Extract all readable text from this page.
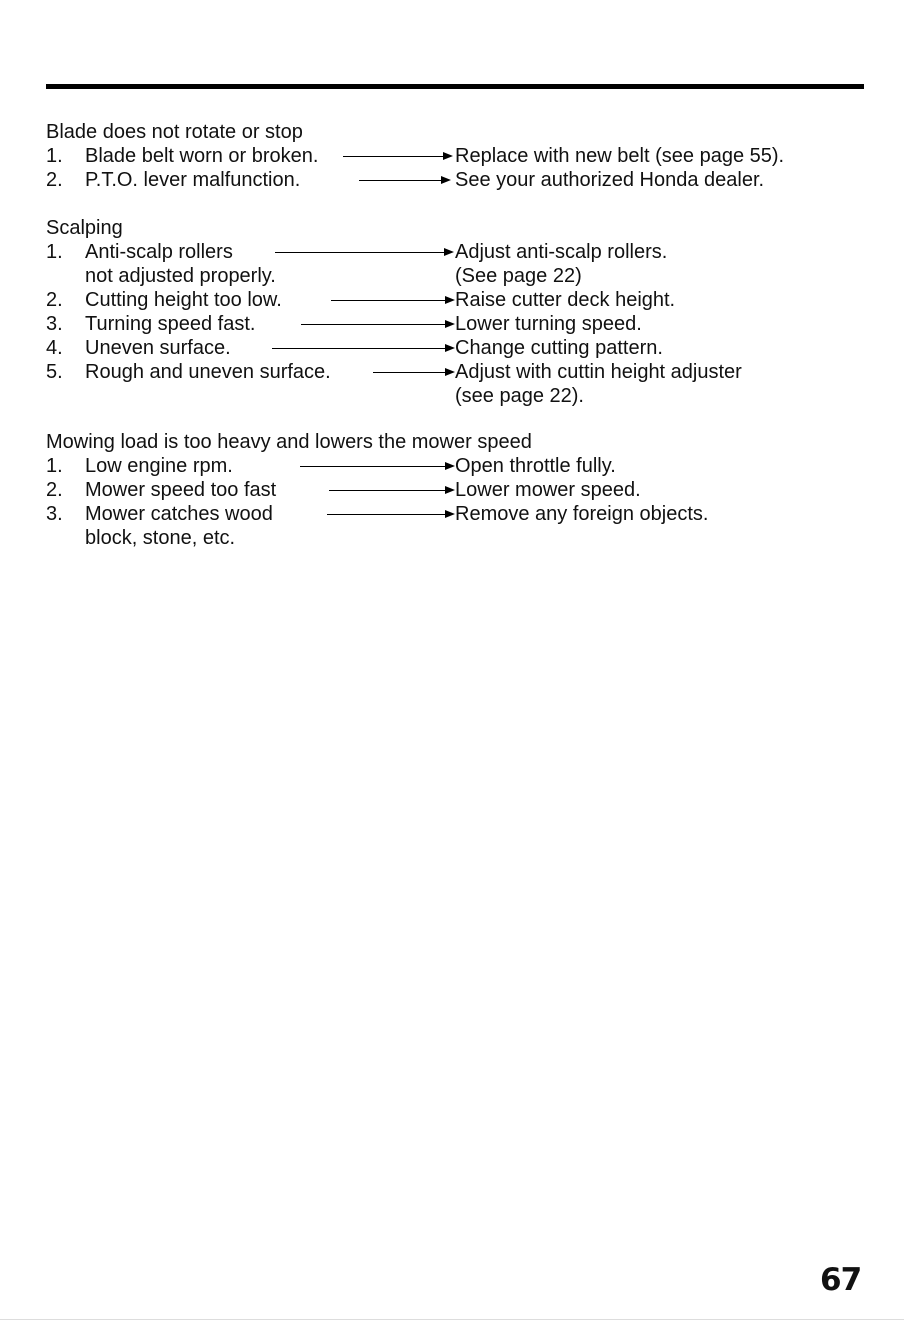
Blade does not rotate or stop
1. Blade belt worn or broken.	Replace with new belt (see page 55).
2. P.T.O. lever malfunction.	See your authorized Honda dealer.
Scalping
1. Anti-scalp rollers	Adjust anti-scalp rollers.
not adjusted properly.	(See page 22)
2. Cutting height too low.	Raise cutter deck height.
3. Turning speed fast.	Lower turning speed.
4. Uneven surface.	Change cutting pattern.
5. Rough and uneven surface.	Adjust with cuttin height adjuster
(see page 22).
Mowing load is too heavy and lowers the mower speed
1. Low engine rpm.	Open throttle fully.
2. Mower speed too fast	Lower mower speed.
3. Mower catches wood	Remove any foreign objects.
block, stone, etc.
67
